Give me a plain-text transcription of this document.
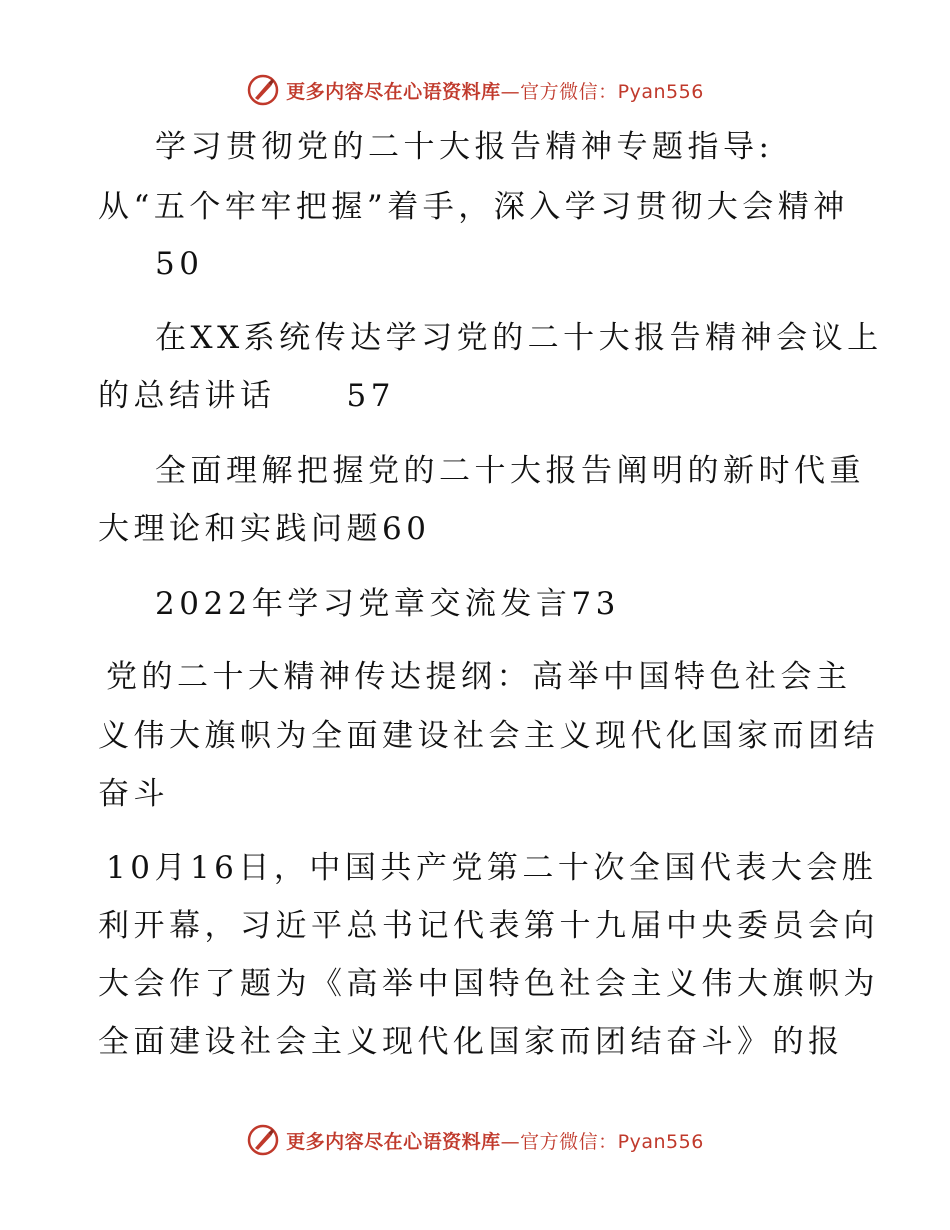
更多内容尽在心语资料库—官方微信：Pyan556
学习贯彻党的二十大报告精神专题指导:
从“五个牢牢把握”着手，深入学习贯彻大会精神
50
在XX系统传达学习党的二十大报告精神会议上
的总结讲话　　57
全面理解把握党的二十大报告阐明的新时代重
大理论和实践问题60
2022年学习党章交流发言73
党的二十大精神传达提纲：高举中国特色社会主
义伟大旗帜为全面建设社会主义现代化国家而团结
奋斗
10月16日，中国共产党第二十次全国代表大会胜
利开幕，习近平总书记代表第十九届中央委员会向
大会作了题为《高举中国特色社会主义伟大旗帜为
全面建设社会主义现代化国家而团结奋斗》的报
更多内容尽在心语资料库—官方微信：Pyan556
